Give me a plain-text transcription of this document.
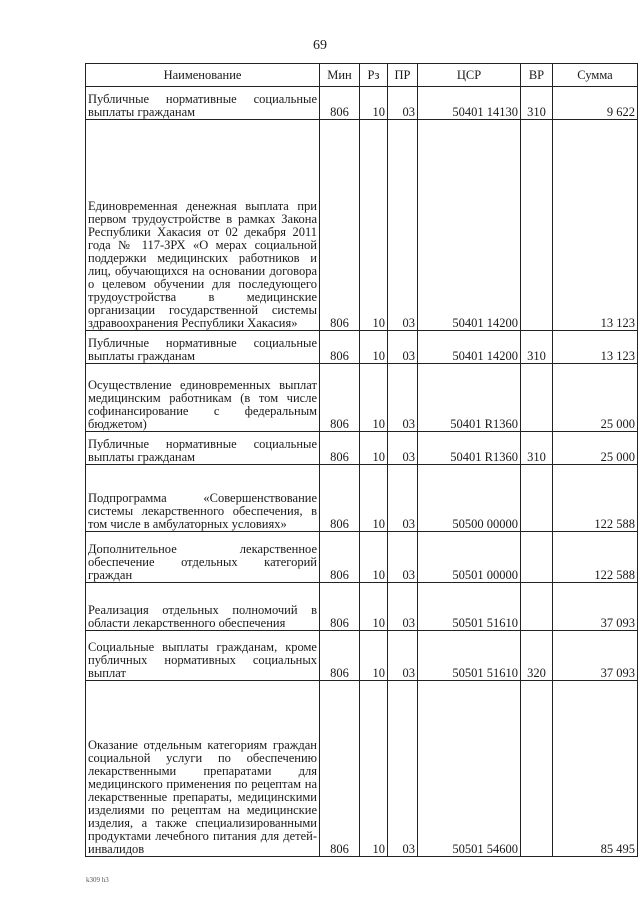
69
Наименование	Мин	Рз	ПР	ЦСР	ВР	Сумма
Публичные нормативные социальные выплаты гражданам	806	10	03	50401 14130	310	9 622
Единовременная денежная выплата при первом трудоустройстве в рамках Закона Республики Хакасия от 02 декабря 2011 года № 117-ЗРХ «О мерах социальной поддержки медицинских работников и лиц, обучающихся на основании договора о целевом обучении для последующего трудоустройства в медицинские организации государственной системы здравоохранения Республики Хакасия»	806	10	03	50401 14200		13 123
Публичные нормативные социальные выплаты гражданам	806	10	03	50401 14200	310	13 123
Осуществление единовременных выплат медицинским работникам (в том числе софинансирование с федеральным бюджетом)	806	10	03	50401 R1360		25 000
Публичные нормативные социальные выплаты гражданам	806	10	03	50401 R1360	310	25 000
Подпрограмма «Совершенствование системы лекарственного обеспечения, в том числе в амбулаторных условиях»	806	10	03	50500 00000		122 588
Дополнительное лекарственное обеспечение отдельных категорий граждан	806	10	03	50501 00000		122 588
Реализация отдельных полномочий в области лекарственного обеспечения	806	10	03	50501 51610		37 093
Социальные выплаты гражданам, кроме публичных нормативных социальных выплат	806	10	03	50501 51610	320	37 093
Оказание отдельным категориям граждан социальной услуги по обеспечению лекарственными препаратами для медицинского применения по рецептам на лекарственные препараты, медицинскими изделиями по рецептам на медицинские изделия, а также специализированными продуктами лечебного питания для детей-инвалидов	806	10	03	50501 54600		85 495
k309 h3
